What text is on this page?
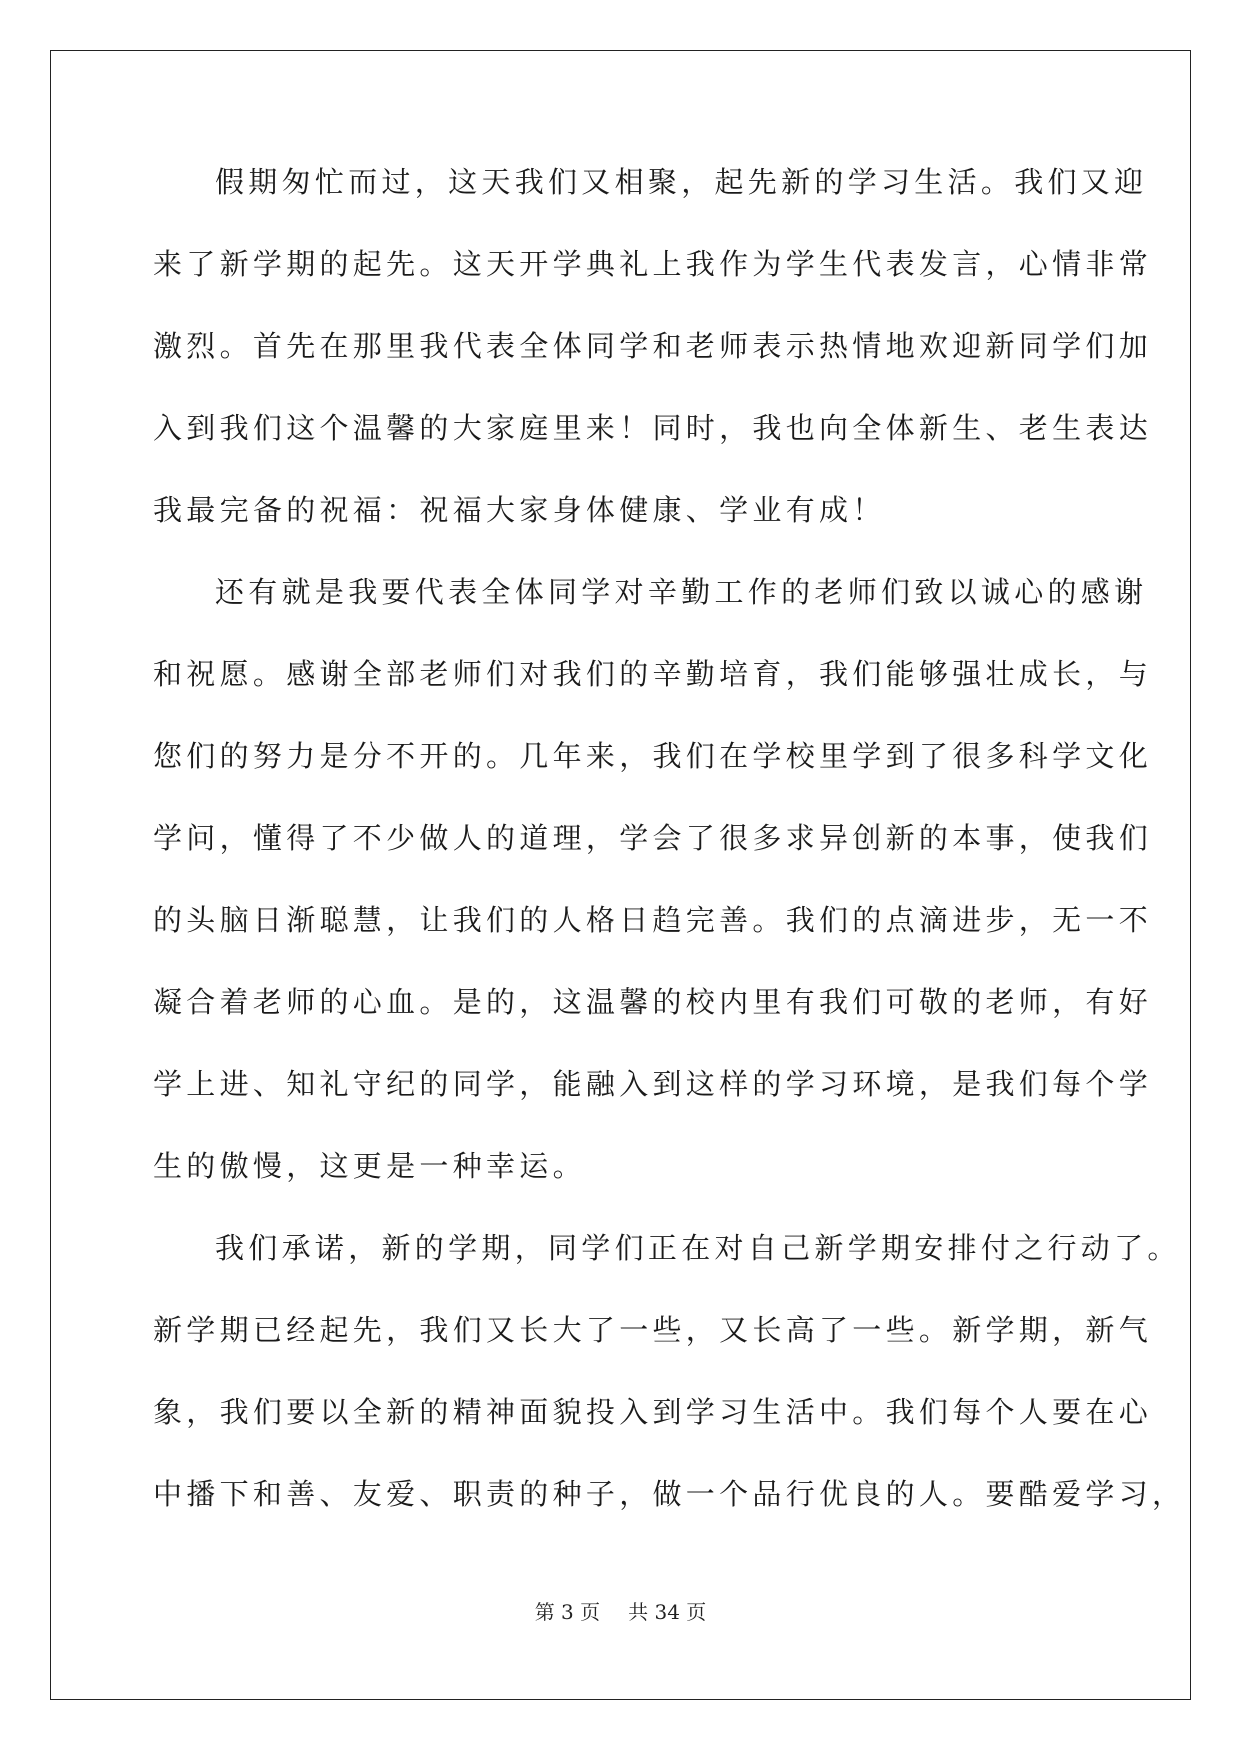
假期匆忙而过，这天我们又相聚，起先新的学习生活。我们又迎
来了新学期的起先。这天开学典礼上我作为学生代表发言，心情非常
激烈。首先在那里我代表全体同学和老师表示热情地欢迎新同学们加
入到我们这个温馨的大家庭里来！同时，我也向全体新生、老生表达
我最完备的祝福：祝福大家身体健康、学业有成！
还有就是我要代表全体同学对辛勤工作的老师们致以诚心的感谢
和祝愿。感谢全部老师们对我们的辛勤培育，我们能够强壮成长，与
您们的努力是分不开的。几年来，我们在学校里学到了很多科学文化
学问，懂得了不少做人的道理，学会了很多求异创新的本事，使我们
的头脑日渐聪慧，让我们的人格日趋完善。我们的点滴进步，无一不
凝合着老师的心血。是的，这温馨的校内里有我们可敬的老师，有好
学上进、知礼守纪的同学，能融入到这样的学习环境，是我们每个学
生的傲慢，这更是一种幸运。
我们承诺，新的学期，同学们正在对自己新学期安排付之行动了。
新学期已经起先，我们又长大了一些，又长高了一些。新学期，新气
象，我们要以全新的精神面貌投入到学习生活中。我们每个人要在心
中播下和善、友爱、职责的种子，做一个品行优良的人。要酷爱学习，
第 3 页 共 34 页
